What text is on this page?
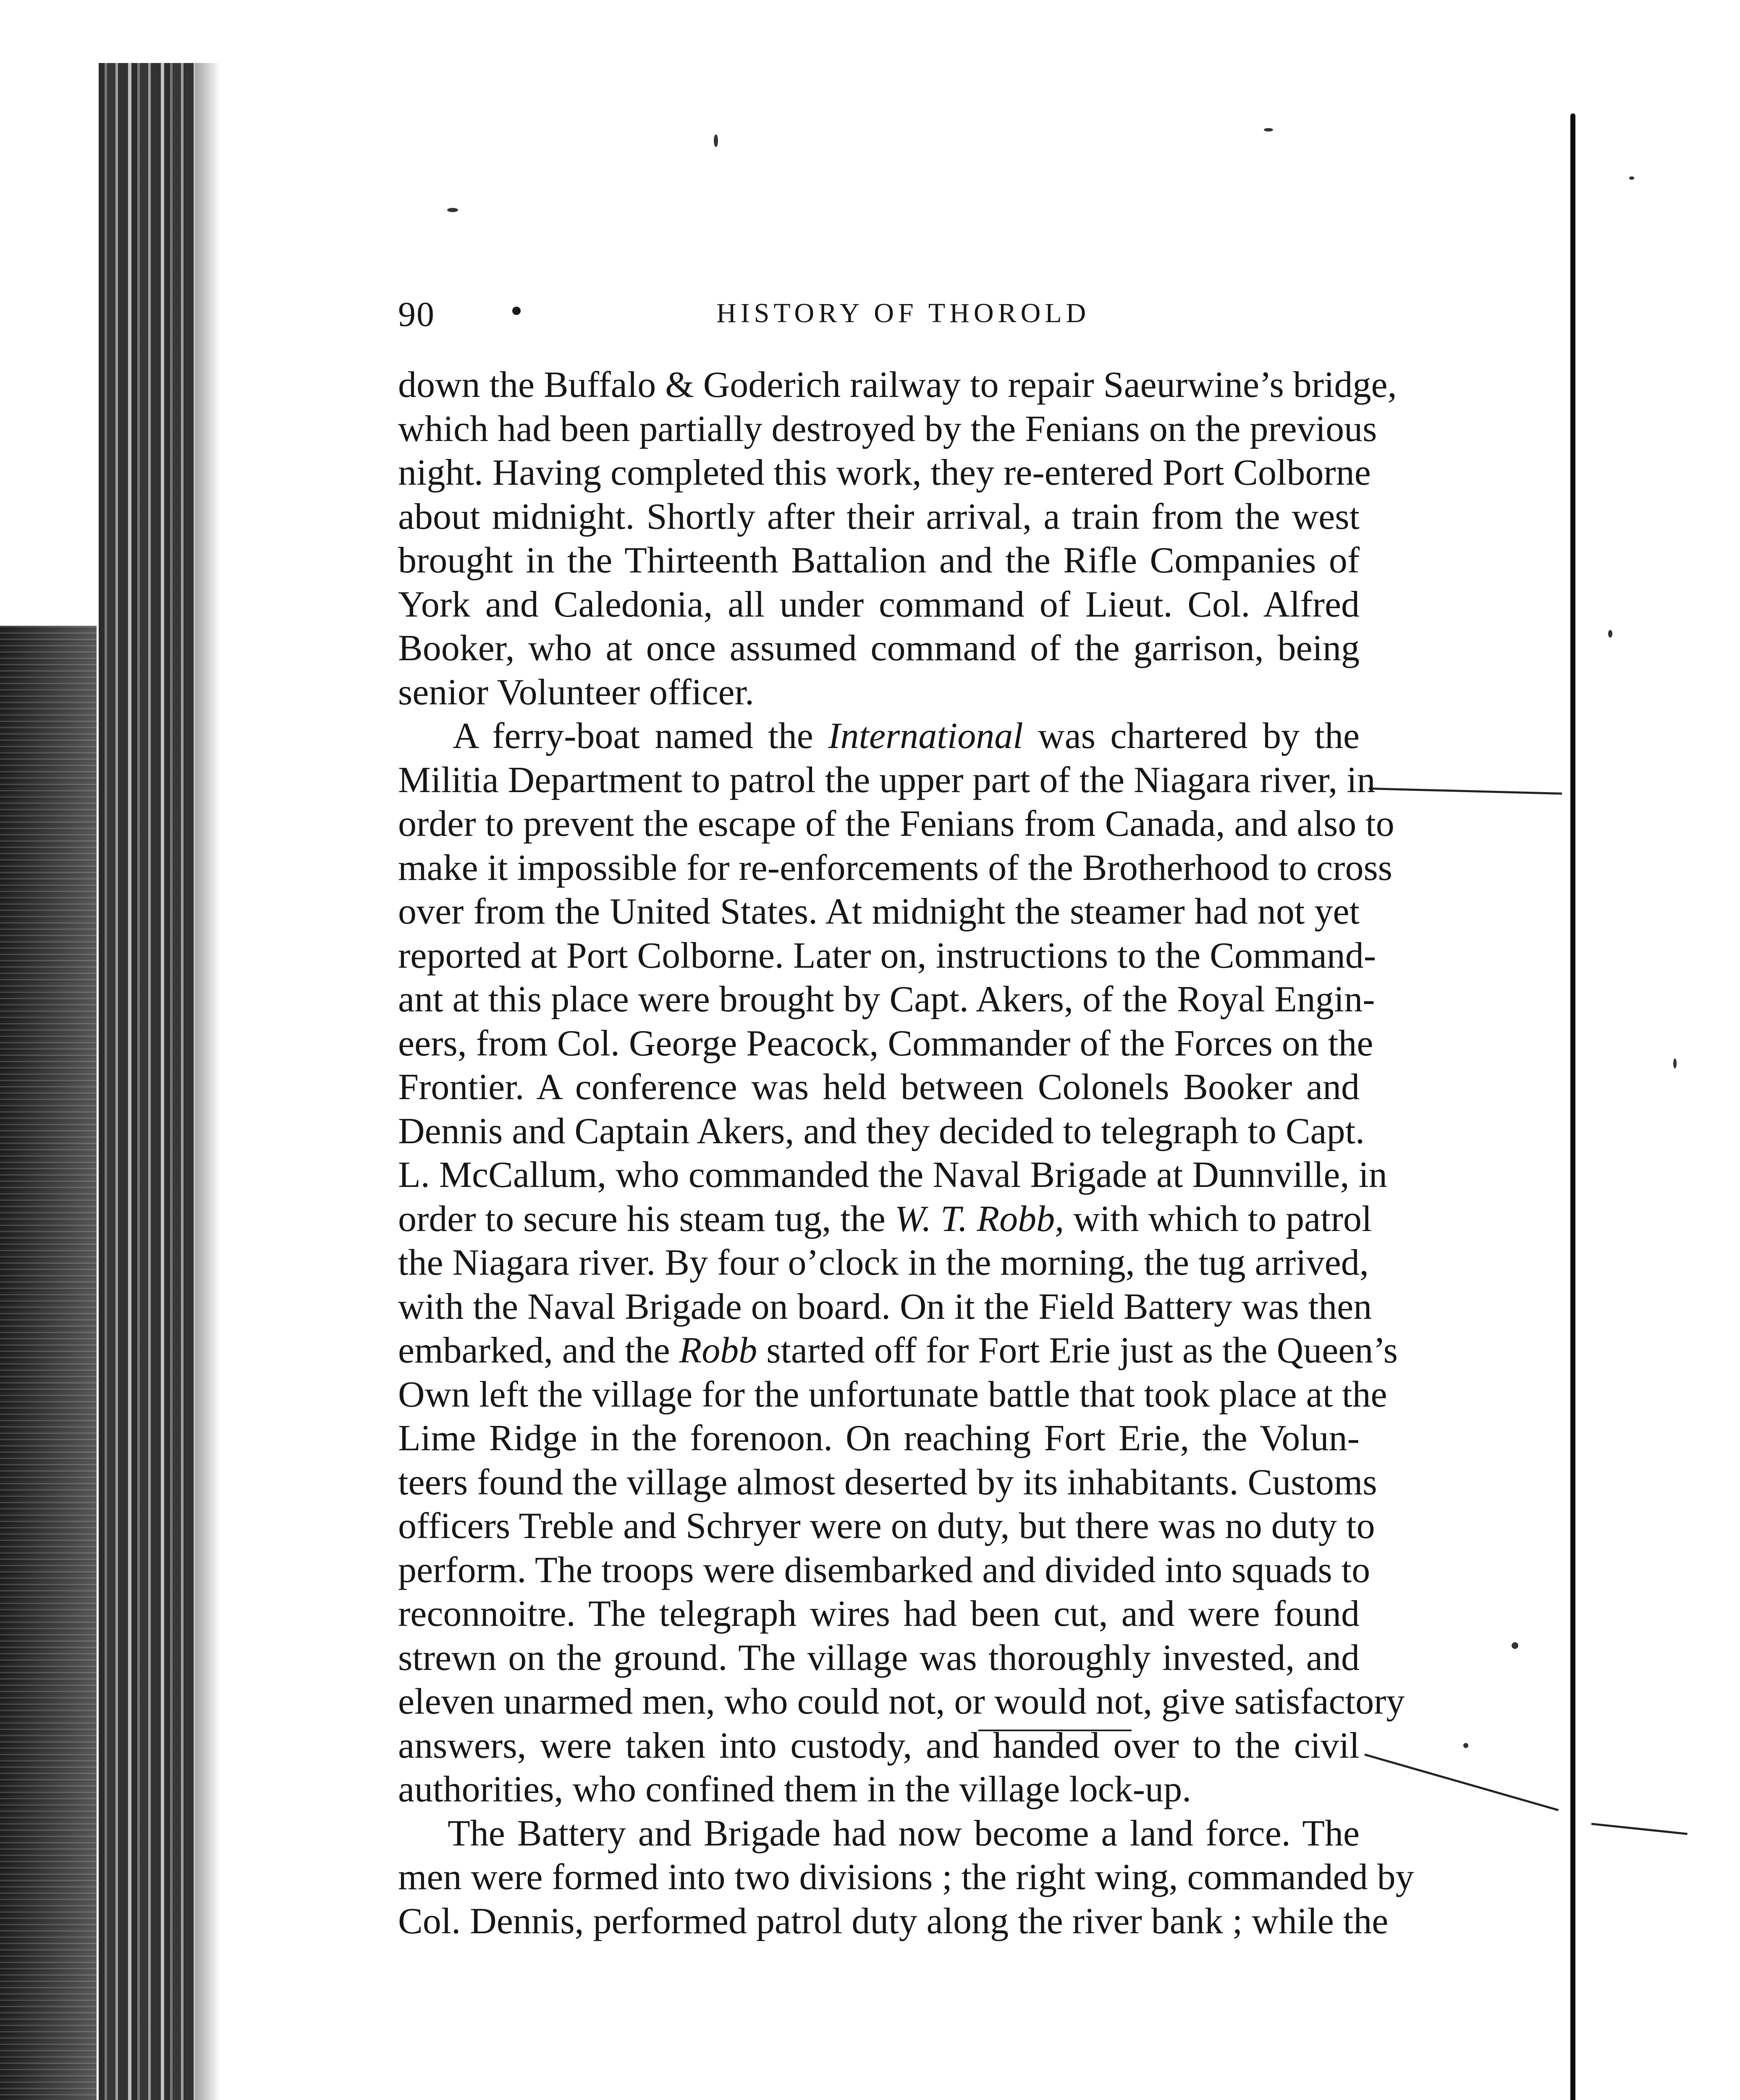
90	HISTORY OF THOROLD
down the Buffalo & Goderich railway to repair Saeurwine’s bridge,
which had been partially destroyed by the Fenians on the previous
night. Having completed this work, they re-entered Port Colborne
about midnight. Shortly after their arrival, a train from the west
brought in the Thirteenth Battalion and the Rifle Companies of
York and Caledonia, all under command of Lieut. Col. Alfred
Booker, who at once assumed command of the garrison, being
senior Volunteer officer.
A ferry-boat named the International was chartered by the
Militia Department to patrol the upper part of the Niagara river, in
order to prevent the escape of the Fenians from Canada, and also to
make it impossible for re-enforcements of the Brotherhood to cross
over from the United States. At midnight the steamer had not yet
reported at Port Colborne. Later on, instructions to the Command-
ant at this place were brought by Capt. Akers, of the Royal Engin-
eers, from Col. George Peacock, Commander of the Forces on the
Frontier. A conference was held between Colonels Booker and
Dennis and Captain Akers, and they decided to telegraph to Capt.
L. McCallum, who commanded the Naval Brigade at Dunnville, in
order to secure his steam tug, the W. T. Robb, with which to patrol
the Niagara river. By four o’clock in the morning, the tug arrived,
with the Naval Brigade on board. On it the Field Battery was then
embarked, and the Robb started off for Fort Erie just as the Queen’s
Own left the village for the unfortunate battle that took place at the
Lime Ridge in the forenoon. On reaching Fort Erie, the Volun-
teers found the village almost deserted by its inhabitants. Customs
officers Treble and Schryer were on duty, but there was no duty to
perform. The troops were disembarked and divided into squads to
reconnoitre. The telegraph wires had been cut, and were found
strewn on the ground. The village was thoroughly invested, and
eleven unarmed men, who could not, or would not, give satisfactory
answers, were taken into custody, and handed over to the civil
authorities, who confined them in the village lock-up.
The Battery and Brigade had now become a land force. The
men were formed into two divisions ; the right wing, commanded by
Col. Dennis, performed patrol duty along the river bank ; while the
